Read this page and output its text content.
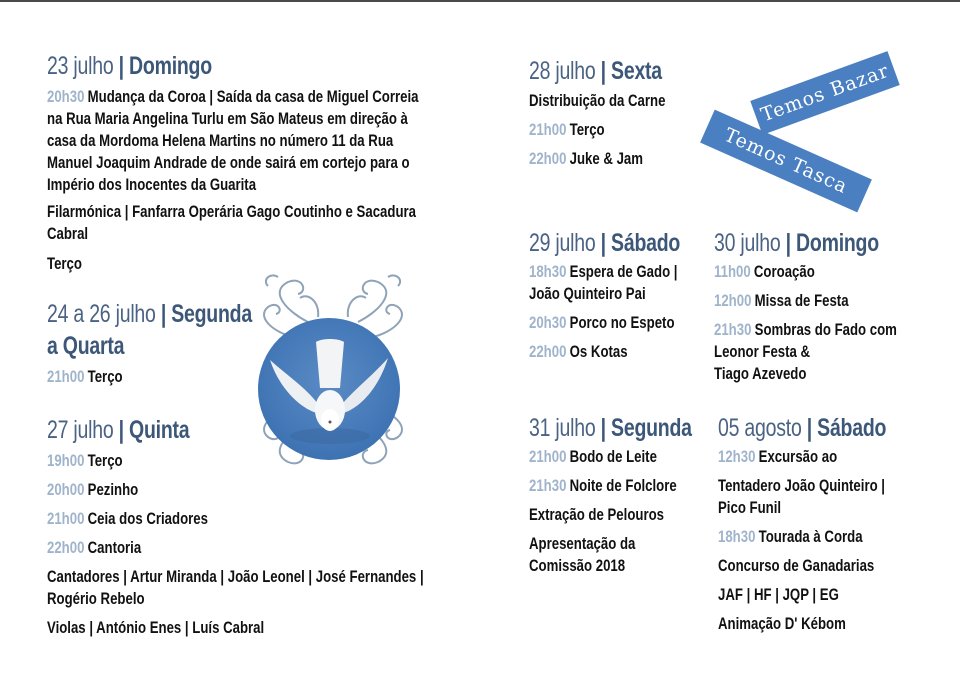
23 julho | Domingo
20h30 Mudança da Coroa | Saída da casa de Miguel Correia
na Rua Maria Angelina Turlu em São Mateus em direção à
casa da Mordoma Helena Martins no número 11 da Rua
Manuel Joaquim Andrade de onde sairá em cortejo para o
Império dos Inocentes da Guarita
Filarmónica | Fanfarra Operária Gago Coutinho e Sacadura
Cabral
Terço
24 a 26 julho | Segunda
a Quarta
21h00 Terço
27 julho | Quinta
19h00 Terço
20h00 Pezinho
21h00 Ceia dos Criadores
22h00 Cantoria
Cantadores | Artur Miranda | João Leonel | José Fernandes |
Rogério Rebelo
Violas | António Enes | Luís Cabral
28 julho | Sexta
Distribuição da Carne
21h00 Terço
22h00 Juke & Jam
Temos Bazar
Temos Tasca
29 julho | Sábado
18h30 Espera de Gado |
João Quinteiro Pai
20h30 Porco no Espeto
22h00 Os Kotas
30 julho | Domingo
11h00 Coroação
12h00 Missa de Festa
21h30 Sombras do Fado com
Leonor Festa &
Tiago Azevedo
31 julho | Segunda
21h00 Bodo de Leite
21h30 Noite de Folclore
Extração de Pelouros
Apresentação da
Comissão 2018
05 agosto | Sábado
12h30 Excursão ao
Tentadero João Quinteiro |
Pico Funil
18h30 Tourada à Corda
Concurso de Ganadarias
JAF | HF | JQP | EG
Animação D' Kébom
